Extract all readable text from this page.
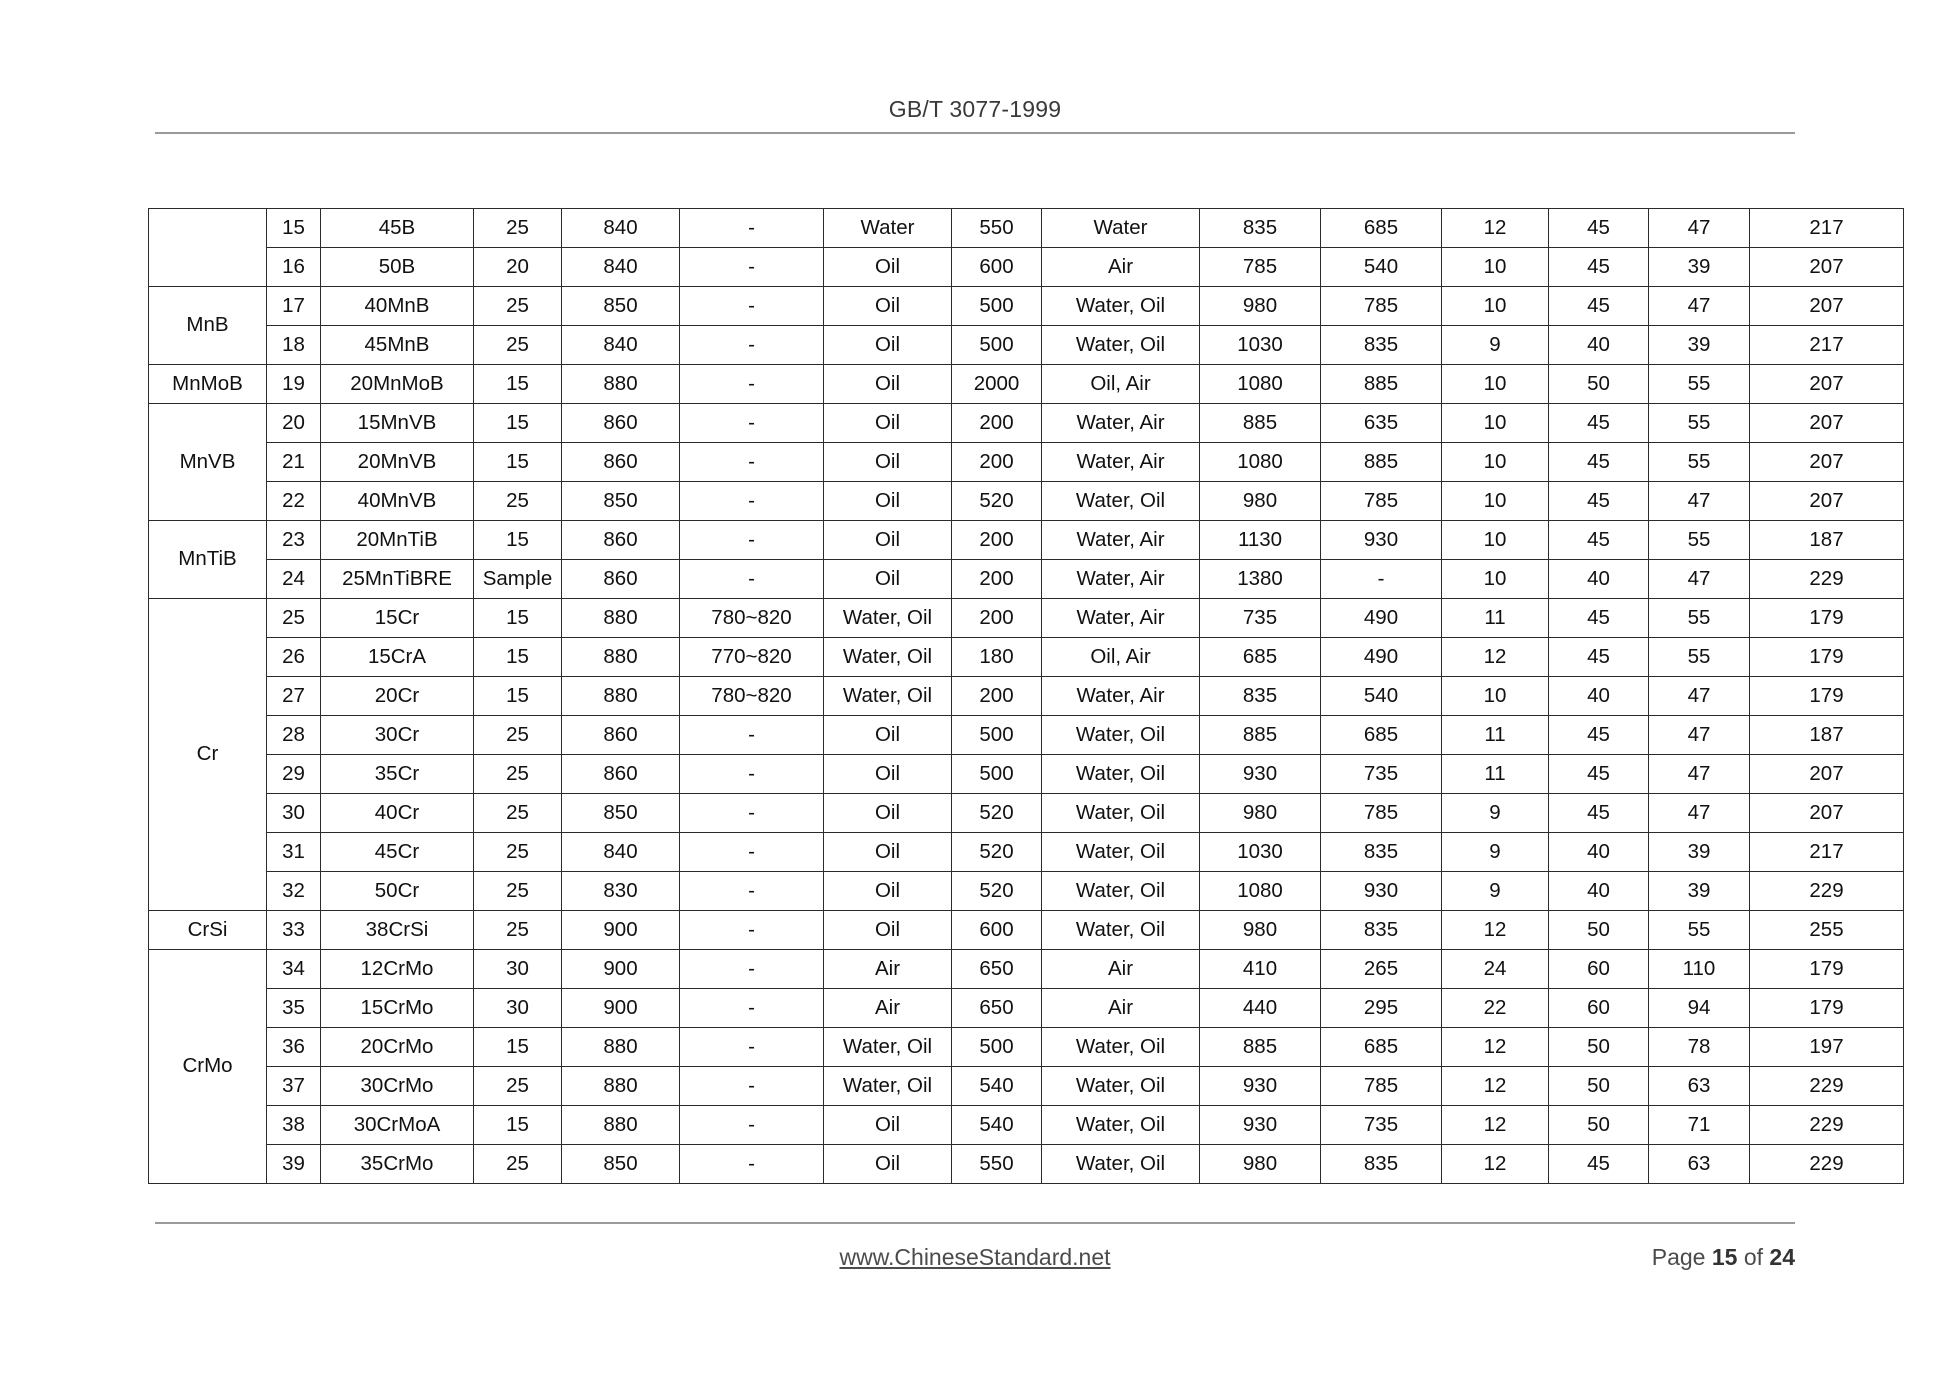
GB/T 3077-1999
	15	45B	25	840	-	Water	550	Water	835	685	12	45	47	217
	16	50B	20	840	-	Oil	600	Air	785	540	10	45	39	207
MnB	17	40MnB	25	850	-	Oil	500	Water, Oil	980	785	10	45	47	207
	18	45MnB	25	840	-	Oil	500	Water, Oil	1030	835	9	40	39	217
MnMoB	19	20MnMoB	15	880	-	Oil	2000	Oil, Air	1080	885	10	50	55	207
MnVB	20	15MnVB	15	860	-	Oil	200	Water, Air	885	635	10	45	55	207
	21	20MnVB	15	860	-	Oil	200	Water, Air	1080	885	10	45	55	207
	22	40MnVB	25	850	-	Oil	520	Water, Oil	980	785	10	45	47	207
MnTiB	23	20MnTiB	15	860	-	Oil	200	Water, Air	1130	930	10	45	55	187
	24	25MnTiBRE	Sample	860	-	Oil	200	Water, Air	1380	-	10	40	47	229
Cr	25	15Cr	15	880	780~820	Water, Oil	200	Water, Air	735	490	11	45	55	179
	26	15CrA	15	880	770~820	Water, Oil	180	Oil, Air	685	490	12	45	55	179
	27	20Cr	15	880	780~820	Water, Oil	200	Water, Air	835	540	10	40	47	179
	28	30Cr	25	860	-	Oil	500	Water, Oil	885	685	11	45	47	187
	29	35Cr	25	860	-	Oil	500	Water, Oil	930	735	11	45	47	207
	30	40Cr	25	850	-	Oil	520	Water, Oil	980	785	9	45	47	207
	31	45Cr	25	840	-	Oil	520	Water, Oil	1030	835	9	40	39	217
	32	50Cr	25	830	-	Oil	520	Water, Oil	1080	930	9	40	39	229
CrSi	33	38CrSi	25	900	-	Oil	600	Water, Oil	980	835	12	50	55	255
CrMo	34	12CrMo	30	900	-	Air	650	Air	410	265	24	60	110	179
	35	15CrMo	30	900	-	Air	650	Air	440	295	22	60	94	179
	36	20CrMo	15	880	-	Water, Oil	500	Water, Oil	885	685	12	50	78	197
	37	30CrMo	25	880	-	Water, Oil	540	Water, Oil	930	785	12	50	63	229
	38	30CrMoA	15	880	-	Oil	540	Water, Oil	930	735	12	50	71	229
	39	35CrMo	25	850	-	Oil	550	Water, Oil	980	835	12	45	63	229
www.ChineseStandard.net	Page 15 of 24
